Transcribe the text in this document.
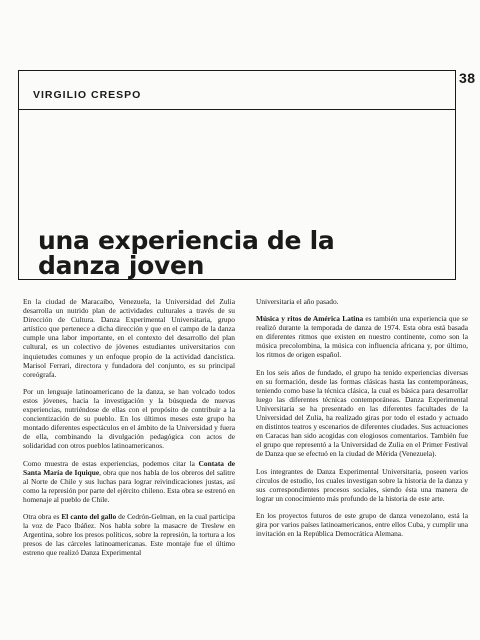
VIRGILIO CRESPO
38
una experiencia de la
danza joven

En la ciudad de Maracaibo, Venezuela, la Universidad del Zulia desarrolla un nutrido plan de actividades culturales a través de su Dirección de Cultura. Danza Experimental Universitaria, grupo artístico que pertenece a dicha dirección y que en el campo de la danza cumple una labor importante, en el contexto del desarrollo del plan cultural, es un colectivo de jóvenes estudiantes universitarios con inquietudes comunes y un enfoque propio de la actividad dancística. Marisol Ferrari, directora y fundadora del conjunto, es su principal coreógrafa.

Por un lenguaje latinoamericano de la danza, se han volcado todos estos jóvenes, hacia la investigación y la búsqueda de nuevas experiencias, nutriéndose de ellas con el propósito de contribuir a la concientización de su pueblo. En los últimos meses este grupo ha montado diferentes espectáculos en el ámbito de la Universidad y fuera de ella, combinando la divulgación pedagógica con actos de solidaridad con otros pueblos latinoamericanos.

Como muestra de estas experiencias, podemos citar la Contata de Santa María de Iquique, obra que nos habla de los obreros del salitre al Norte de Chile y sus luchas para lograr reivindicaciones justas, así como la represión por parte del ejército chileno. Esta obra se estrenó en homenaje al pueblo de Chile.

Otra obra es El canto del gallo de Cedrón-Gelman, en la cual participa la voz de Paco Ibáñez. Nos habla sobre la masacre de Treslew en Argentina, sobre los presos políticos, sobre la represión, la tortura a los presos de las cárceles latinoamericanas. Este montaje fue el último estreno que realizó Danza Experimental

Universitaria el año pasado.

Música y ritos de América Latina es también una experiencia que se realizó durante la temporada de danza de 1974. Esta obra está basada en diferentes ritmos que existen en nuestro continente, como son la música precolombina, la música con influencia africana y, por último, los ritmos de origen español.

En los seis años de fundado, el grupo ha tenido experiencias diversas en su formación, desde las formas clásicas hasta las contemporáneas, teniendo como base la técnica clásica, la cual es básica para desarrollar luego las diferentes técnicas contemporáneas. Danza Experimental Universitaria se ha presentado en las diferentes facultades de la Universidad del Zulia, ha realizado giras por todo el estado y actuado en distintos teatros y escenarios de diferentes ciudades. Sus actuaciones en Caracas han sido acogidas con elogiosos comentarios. También fue el grupo que representó a la Universidad de Zulia en el Primer Festival de Danza que se efectuó en la ciudad de Mérida (Venezuela).

Los integrantes de Danza Experimental Universitaria, poseen varios círculos de estudio, los cuales investigan sobre la historia de la danza y sus correspondientes procesos sociales, siendo ésta una manera de lograr un conocimiento más profundo de la historia de este arte.

En los proyectos futuros de este grupo de danza venezolano, está la gira por varios países latinoamericanos, entre ellos Cuba, y cumplir una invitación en la República Democrática Alemana.
